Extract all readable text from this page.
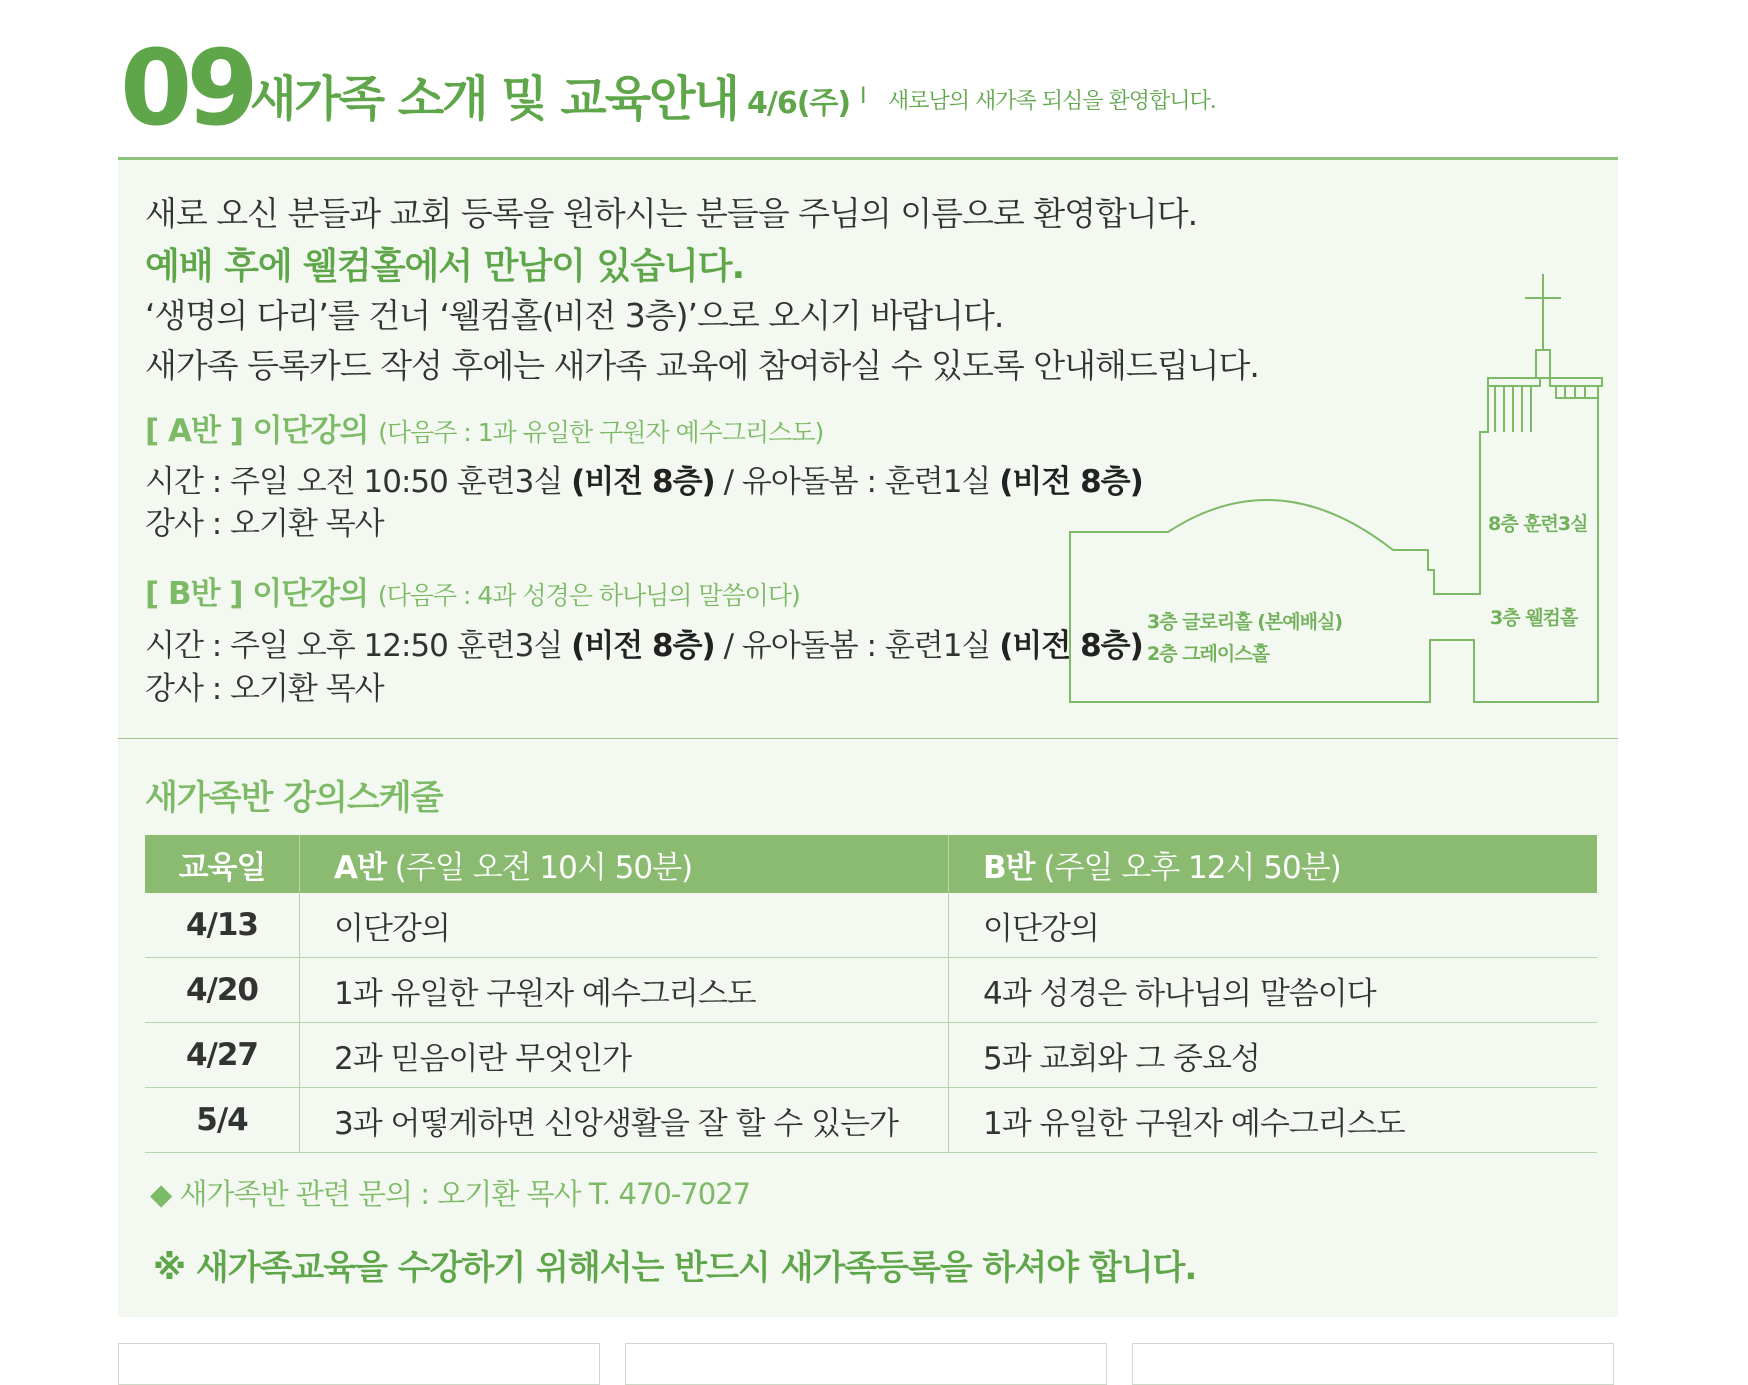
09
새가족 소개 및 교육안내 4/6(주) I 새로남의 새가족 되심을 환영합니다.
새로 오신 분들과 교회 등록을 원하시는 분들을 주님의 이름으로 환영합니다.
예배 후에 웰컴홀에서 만남이 있습니다.
‘생명의 다리’를 건너 ‘웰컴홀(비전 3층)’으로 오시기 바랍니다.
새가족 등록카드 작성 후에는 새가족 교육에 참여하실 수 있도록 안내해드립니다.
[ A반 ] 이단강의 (다음주 : 1과 유일한 구원자 예수그리스도)
시간 : 주일 오전 10:50 훈련3실 (비전 8층) / 유아돌봄 : 훈련1실 (비전 8층)
강사 : 오기환 목사
[ B반 ] 이단강의 (다음주 : 4과 성경은 하나님의 말씀이다)
시간 : 주일 오후 12:50 훈련3실 (비전 8층) / 유아돌봄 : 훈련1실 (비전 8층)
강사 : 오기환 목사
8층 훈련3실
3층 웰컴홀
3층 글로리홀 (본예배실)
2층 그레이스홀
새가족반 강의스케줄
교육일	A반 (주일 오전 10시 50분)	B반 (주일 오후 12시 50분)
4/13	이단강의	이단강의
4/20	1과 유일한 구원자 예수그리스도	4과 성경은 하나님의 말씀이다
4/27	2과 믿음이란 무엇인가	5과 교회와 그 중요성
5/4	3과 어떻게하면 신앙생활을 잘 할 수 있는가	1과 유일한 구원자 예수그리스도
◆ 새가족반 관련 문의 : 오기환 목사 T. 470-7027
※ 새가족교육을 수강하기 위해서는 반드시 새가족등록을 하셔야 합니다.
